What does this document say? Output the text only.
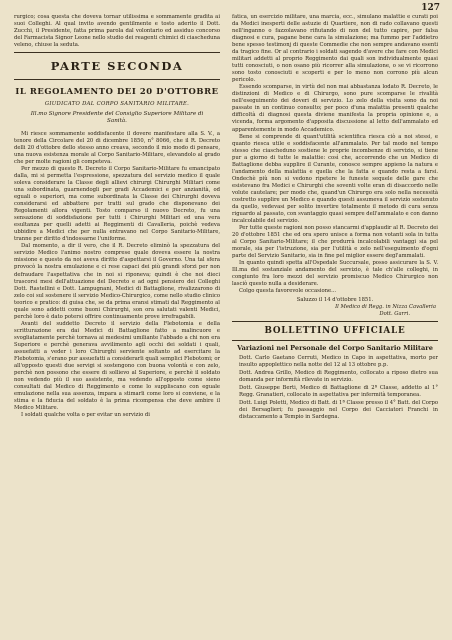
127

rurgico; cosa questa che doveva tornar utilissima e sommamente gradita ai suoi Colleghi. Al qual invito avendo gentilmente e tosto aderito il Dott. Zucchi, il Presidente, fatta prima parola dal volontario ed assiduo concorso del Farmacista Signor Leone nello studio dei reagenti chimici di ciascheduna veleno, chiuse la seduta.

PARTE SECONDA
IL REGOLAMENTO DEI 20 D'OTTOBRE
GIUDICATO DAL CORPO SANITARIO MILITARE.
Ill.mo Signore Presidente del Consiglio Superiore Militare di Sanità.

Mi riesce sommamente soddisfacente il dovere manifestare alla S. V., a tenore della Circolare del 20 di dicembre 1850, n° 8066, che il R. Decreto delli 20 d'ottobre dello stesso anno creava, secondo il mio modo di pensare, una nuova esistenza morale al Corpo Sanitario-Militare, elevandolo al grado che per molte ragioni gli competeva.

Per mezzo di questo R. Decreto il Corpo Sanitario-Militare fu emancipato dalla, mi si permetta l'espressione, spezzatura del servizio medico il quale soleva considerare la Classe degli allievi chirurgi Chirurghi Militari come una subordinata, guarnendogli per gradi Accademici e per anzianità, od eguali o superiori, ma come subordinata la Classe dei Chirurghi doveva considerarsi ed abbattere per tratti sul grado che disponevano dei Regolamenti allora vigenti. Tosto comparso il nuovo Decreto, fu una sensazione di soddisfazione per tutti i Chirurghi Militari ed una vera esultanza per quelli adetti ai Reggimenti di Cavalleria, poichè vedeva ubbidire a Medici che per nulla entravano nel Corpo Sanitario-Militare, tranne per diritto d'indossarne l'uniforme.

Dal momento, a dir il vero, che il R. Decreto eliminò la spezzatura del servizio Medico l'animo nostro comprese quale doveva essere la nostra missione e questo da noi aveva diritto d'aspettarsi il Governo. Una tal sfera provocò la nostra emulazione e ci rese capaci dei più grandi sforzi per non defraudare l'aspettativa che in noi si riponeva; quindi è che noi dieci trascorsi mesi dell'attuazione del Decreto e ad ogni pensiero dei Colleghi Dott. Rastellini e Dott. Lampugnani, Medici di Battaglione, rivalizzarono di zelo coi sul sostenere il servizio Medico-Chirurgico, come nello studio clinico teorico e pratico: di guisa che, se da prima eransi stimati dal Reggimento al quale sono addetti come buoni Chirurghi, son ora salutati valenti Medici, perchè loro è dato potersi offrire continuamente prove irrefragabili.

Avanti del suddetto Decreto il servizio della Flebotomia e della scritturazione era dai Medici di Battaglione fatto a malincuore e svogliatamente perchè tornava ai medesimi umiliante l'abbado a chi non era Superiore e perchè generava avvilimento agli occhi dei soldati i quali, assuefatti a veder i loro Chirurghi serviente soltanto ad esercitare la Flebotomia, s'erano pur assuefatti a considerarli quali semplici Flebotomi; or all'opposto questi due servigi si sostengono con buona volontà e con zelo, perchè non possono che essere di sollievo al Superiore, e perchè il soldato non vedendo più il suo assistente, ma vedendo all'opposto come sieno consultati dal Medico di Reggimento e come lo suppliscano con eguale emulazione nella sua assenza, impara a stimarli come loro si conviene, e la stima e la fiducia del soldato è la prima ricompensa che deve ambire il Medico Militare.

I soldati qualche volta o per evitar un servizio di

fatica, un esercizio militare, una marcia, ecc., simulano malattie e curati poi da Medici inesperti delle astuzie di Quartiere, non di rado collavano questi nell'inganno o fazzolavano rifiutando di non del tutto capire, per falsa diagnosi e cura, pagane bene cara la simulazione; ma fummo per l'addietro bene spesso testimonj di queste Commedie che non sempre andavano esenti da tragico fine. Or al contrario i soldati sagendo d'avere che fare con Medici militari addetti al proprio Reggimento dai quali son individualmente quasi tutti conosciuti, o non osano più ricorrer alla simulazione, o se vi ricorrono sono tosto conosciuti e scoperti e per lo meno non corrono più alcun pericolo.

Essendo scomparse, in virtù del non mai abbastanza lodato R. Decreto, le distinzioni di Medico e di Chirurgo, sono pure scomparse le rivalità nell'eseguimento dei doveri di servizio. Lo zelo della visita sono da noi passate in un continuo consulto; per poco d'una malattia presenti qualche difficoltà di diagnosi questa diviene manifesta la propria opinione e, a vicenda, forma argomento d'apposita discussione al letto dell'ammalato ed apparentemente in modo Accademico.

Bene si comprende di quant'utilità scientifica riesca ciò a noi stessi, e quanto riesca utile e soddisfacente all'ammalato. Per tal modo nel tempo stesso che ciascheduno sostiene le proprie incombenze di servizio, si tiene pur a giorno di tutte le malattie: così che, accorrendo che un Medico di Battaglione debba supplire il Curante, conosce sempre appieno la natura e l'andamento della malattia e quella che la fatta e quando resta a farsi. Ondechè più non si vedono ripetere le funeste sequele delle gare che esistevano fra Medici e Chirurghi che soventi volte eran di disaccordo nelle volute cautelare; per modo che, quand'un Chirurgo era solo nella necessità costretto supplire un Medico e quando questi assumeva il servizio sostenuto da quello, vedevasi per solito invertire totalmente il metodo di cura senza riguardo al passato, con svantaggio quasi sempre dell'ammalato e con danno incalcolabile del servizio.

Per tutte queste ragioni non posso stancarmi d'applaudir al R. Decreto dei 20 d'ottobre 1851 che ed ora spero unisce a forma non votanti sola in tutta al Corpo Sanitario-Militare; il che produrrà incalcolabili vantaggi sia pel morale, sia per l'istruzione, sia per l'utilità e zelo nell'eseguimento d'ogni parte del Servizio Sanitario, sia in fine pel miglior essere degl'ammalati.

In quanto quindi spetta all'Ospedale Succursale, posso assicurare la S. V. Ill.ma del sostanziale andamento del servizio, è tale ch'alle colleghi, in congiunto fra loro mezzi del servizio promiscuo Medico Chirurgico non lasciò questo nulla a desiderare.

Colgo questa favorevole occasione...

Saluzzo il 14 d'ottobre 1851.
Il Medico di Regg. in Nizza Cavalleria
Dott. Garri.
BOLLETTINO UFFICIALE
Variazioni nel Personale del Corpo Sanitario Militare

Dott. Carlo Gaetano Cerruti, Medico in Capo in aspettativa, morto per insulto appoplettico nella notte del 12 al 13 ottobre p.p.

Dott. Andrea Grillo, Medico di Reggimento, collocato a riposo dietro sua domanda per informità rilevate in servizio.

Dott. Giuseppe Berti, Medico di Battaglione di 2ª Classe, addetto al 1° Regg. Granatieri, collocato in aspettativa per infermità temporanea.

Dott. Luigi Poletti, Medico di Batt. di 1ª Classe presso il 4° Batt. del Corpo dei Bersaglieri; fu passaggio nel Corpo dei Cacciatori Franchi in distaccamento a Tempio in Sardegna.
